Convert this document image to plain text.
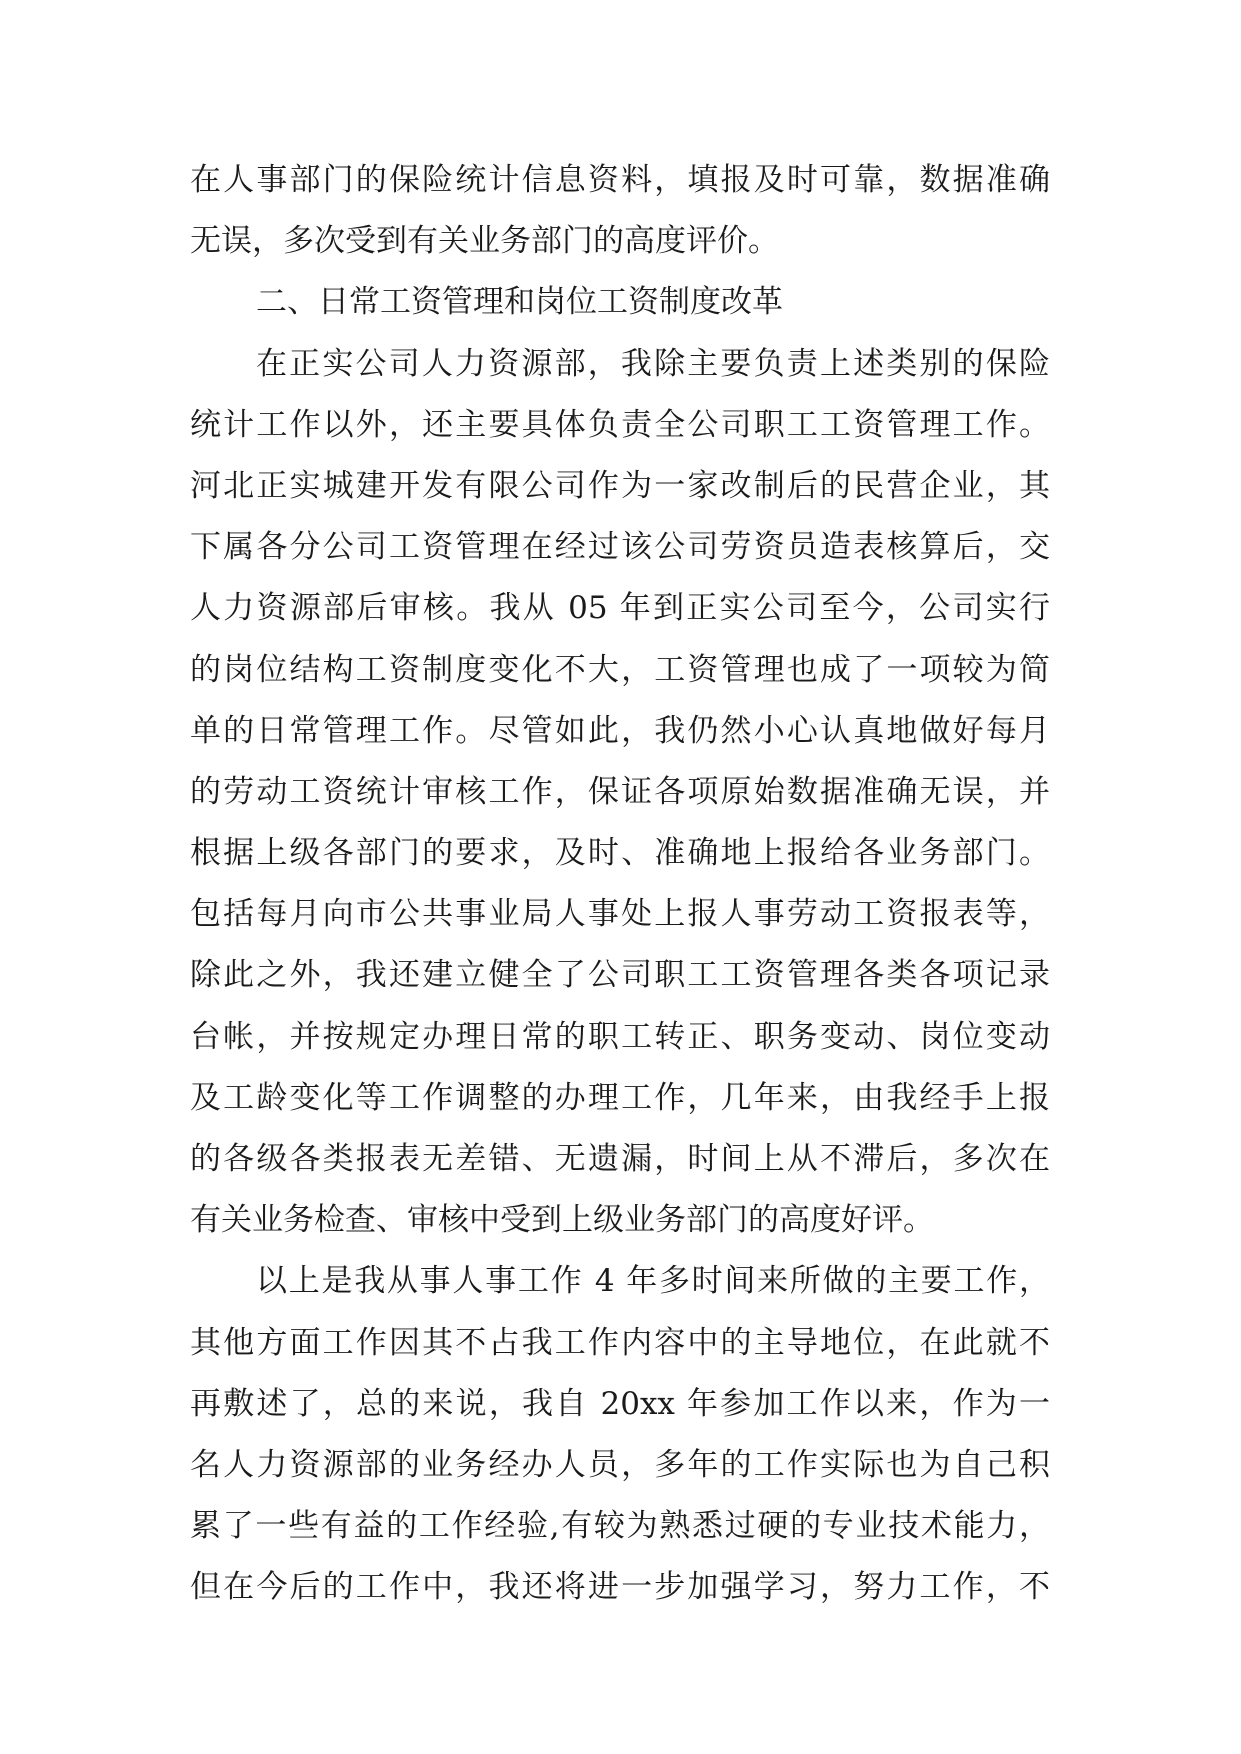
在人事部门的保险统计信息资料，填报及时可靠，数据准确
无误，多次受到有关业务部门的高度评价。
二、日常工资管理和岗位工资制度改革
在正实公司人力资源部，我除主要负责上述类别的保险
统计工作以外，还主要具体负责全公司职工工资管理工作。
河北正实城建开发有限公司作为一家改制后的民营企业，其
下属各分公司工资管理在经过该公司劳资员造表核算后，交
人力资源部后审核。我从 05 年到正实公司至今，公司实行
的岗位结构工资制度变化不大，工资管理也成了一项较为简
单的日常管理工作。尽管如此，我仍然小心认真地做好每月
的劳动工资统计审核工作，保证各项原始数据准确无误，并
根据上级各部门的要求，及时、准确地上报给各业务部门。
包括每月向市公共事业局人事处上报人事劳动工资报表等，
除此之外，我还建立健全了公司职工工资管理各类各项记录
台帐，并按规定办理日常的职工转正、职务变动、岗位变动
及工龄变化等工作调整的办理工作，几年来，由我经手上报
的各级各类报表无差错、无遗漏，时间上从不滞后，多次在
有关业务检查、审核中受到上级业务部门的高度好评。
以上是我从事人事工作 4 年多时间来所做的主要工作，
其他方面工作因其不占我工作内容中的主导地位，在此就不
再敷述了，总的来说，我自 20xx 年参加工作以来，作为一
名人力资源部的业务经办人员，多年的工作实际也为自己积
累了一些有益的工作经验,有较为熟悉过硬的专业技术能力，
但在今后的工作中，我还将进一步加强学习，努力工作，不
